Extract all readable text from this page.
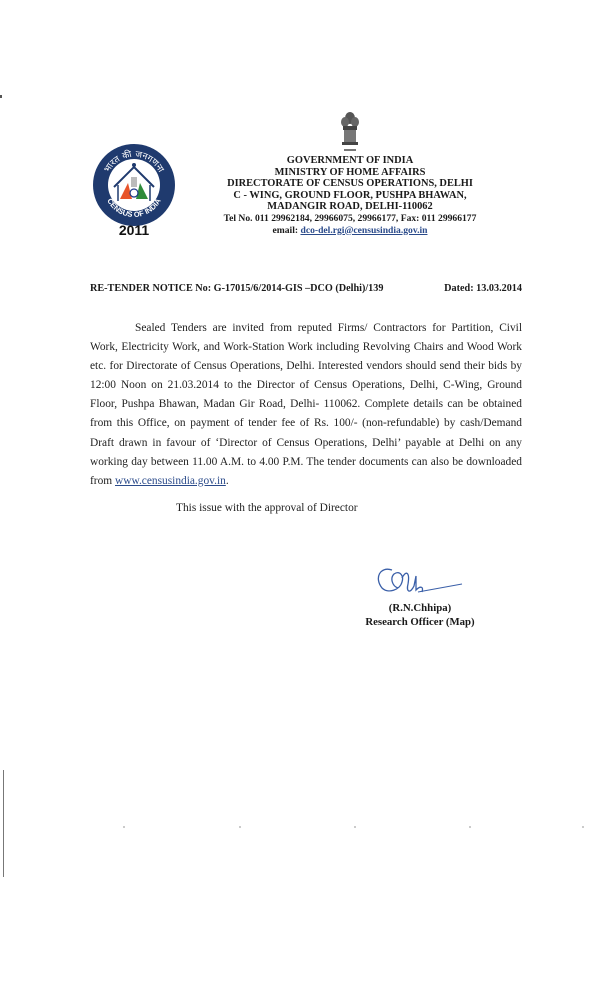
भारत की जनगणना
CENSUS OF INDIA
2011
GOVERNMENT OF INDIA
MINISTRY OF HOME AFFAIRS
DIRECTORATE OF CENSUS OPERATIONS, DELHI
C - WING, GROUND FLOOR, PUSHPA BHAWAN,
MADANGIR ROAD, DELHI-110062
Tel No. 011 29962184, 29966075, 29966177, Fax: 011 29966177
email: dco-del.rgi@censusindia.gov.in
RE-TENDER NOTICE No: G-17015/6/2014-GIS –DCO (Delhi)/139	Dated: 13.03.2014

Sealed Tenders are invited from reputed Firms/ Contractors for Partition, Civil Work, Electricity Work, and Work-Station Work including Revolving Chairs and Wood Work etc. for Directorate of Census Operations, Delhi. Interested vendors should send their bids by 12:00 Noon on 21.03.2014 to the Director of Census Operations, Delhi, C-Wing, Ground Floor, Pushpa Bhawan, Madan Gir Road, Delhi- 110062. Complete details can be obtained from this Office, on payment of tender fee of Rs. 100/- (non-refundable) by cash/Demand Draft drawn in favour of ‘Director of Census Operations, Delhi’ payable at Delhi on any working day between 11.00 A.M. to 4.00 P.M. The tender documents can also be downloaded from www.censusindia.gov.in.

This issue with the approval of Director
(R.N.Chhipa)
Research Officer (Map)
